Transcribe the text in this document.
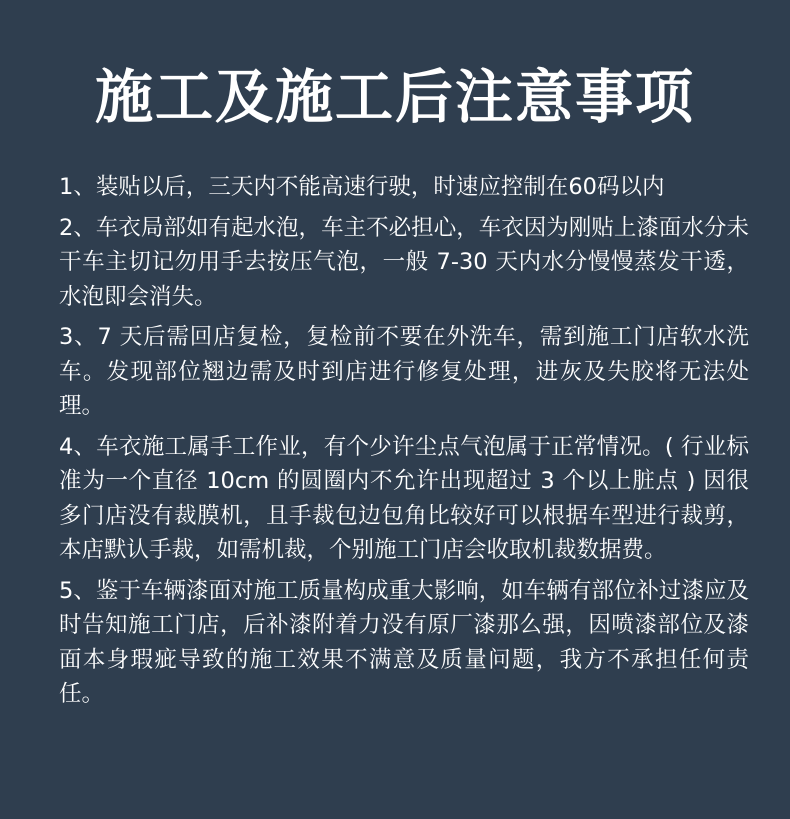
施工及施工后注意事项
1、装贴以后，三天内不能高速行驶，时速应控制在60码以内
2、车衣局部如有起水泡，车主不必担心，车衣因为刚贴上漆面水分未干车主切记勿用手去按压气泡，一般 7-30 天内水分慢慢蒸发干透，水泡即会消失。
3、7 天后需回店复检，复检前不要在外洗车，需到施工门店软水洗车。发现部位翘边需及时到店进行修复处理，进灰及失胶将无法处理。
4、车衣施工属手工作业，有个少许尘点气泡属于正常情况。( 行业标准为一个直径 10cm 的圆圈内不允许出现超过 3 个以上脏点 ) 因很多门店没有裁膜机，且手裁包边包角比较好可以根据车型进行裁剪，本店默认手裁，如需机裁，个别施工门店会收取机裁数据费。
5、鉴于车辆漆面对施工质量构成重大影响，如车辆有部位补过漆应及时告知施工门店，后补漆附着力没有原厂漆那么强，因喷漆部位及漆面本身瑕疵导致的施工效果不满意及质量问题，我方不承担任何责任。
